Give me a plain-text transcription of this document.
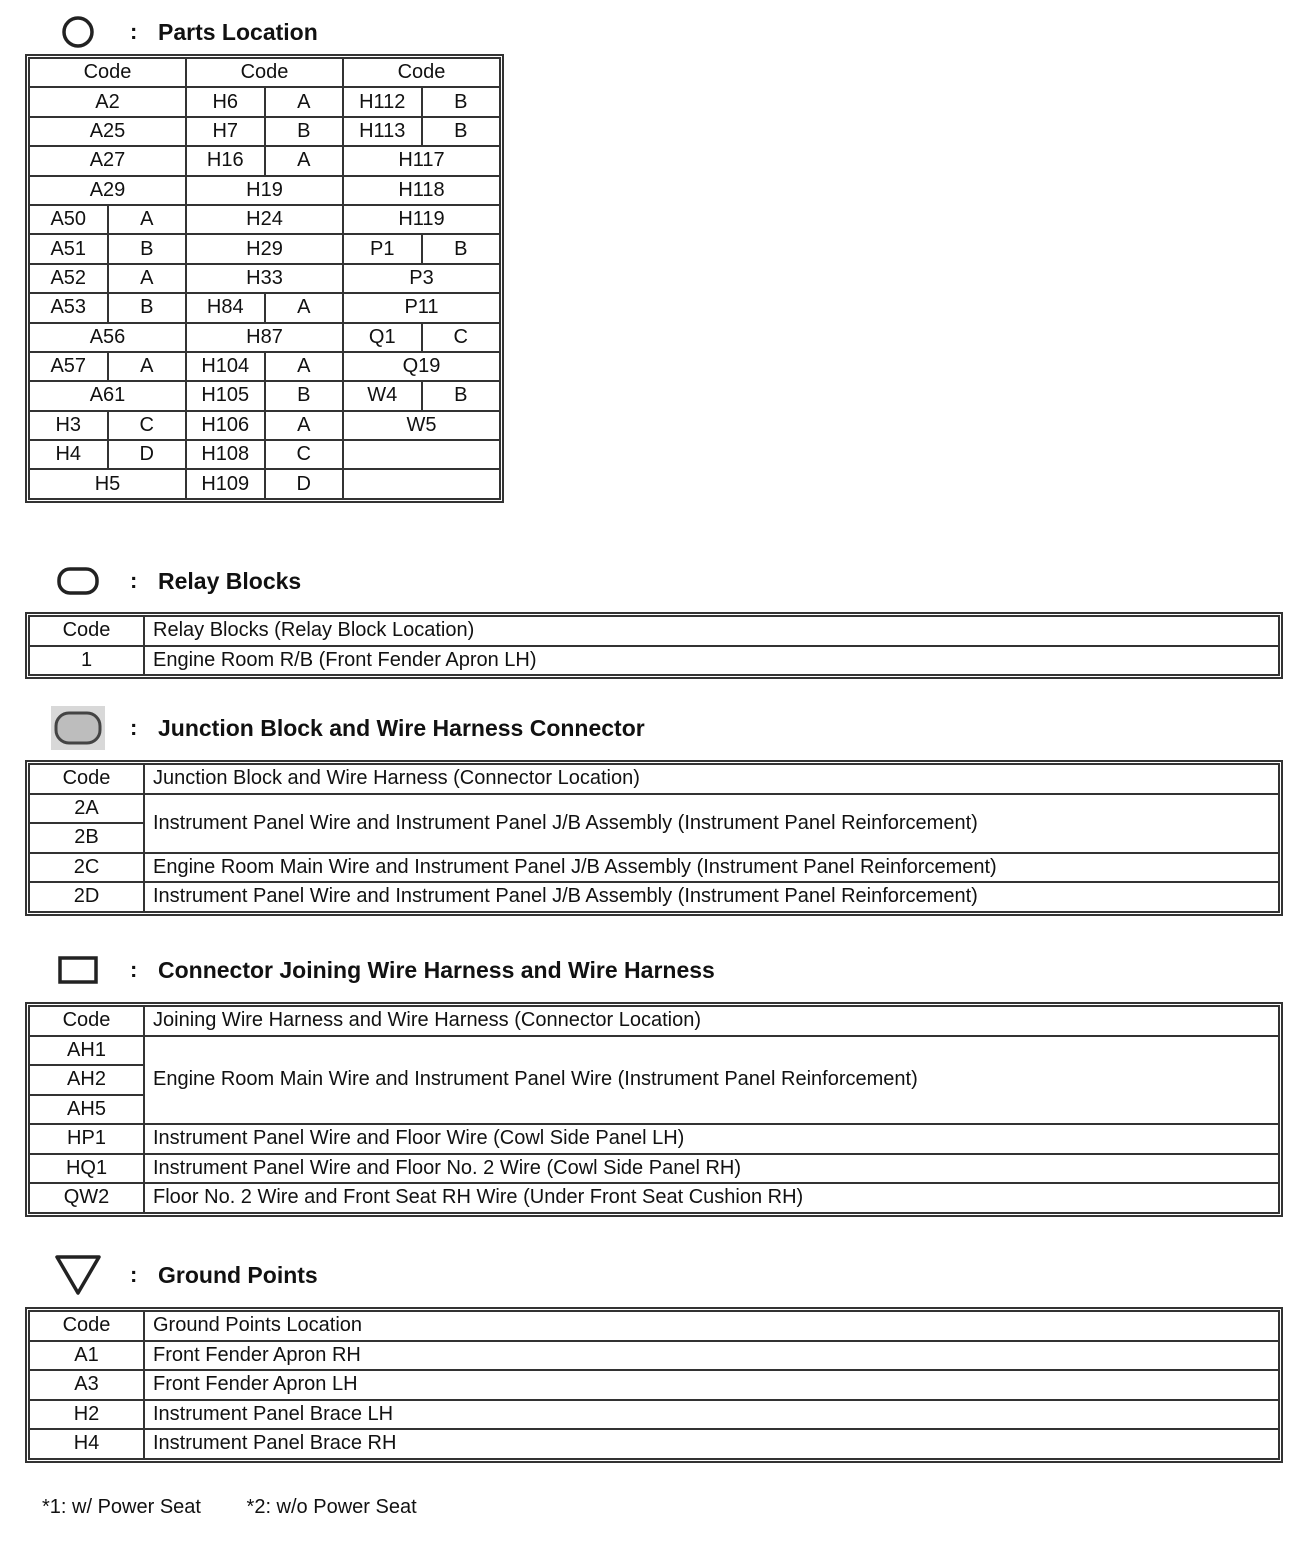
: Parts Location
Code		Code		Code	
A2		H6	A	H112	B
A25		H7	B	H113	B
A27		H16	A	H117	
A29		H19		H118	
A50	A	H24		H119	
A51	B	H29		P1	B
A52	A	H33		P3	
A53	B	H84	A	P11	
A56		H87		Q1	C
A57	A	H104	A	Q19	
A61		H105	B	W4	B
H3	C	H106	A	W5	
H4	D	H108	C		
H5		H109	D		
: Relay Blocks
Code	Relay Blocks (Relay Block Location)
1	Engine Room R/B (Front Fender Apron LH)
: Junction Block and Wire Harness Connector
Code	Junction Block and Wire Harness (Connector Location)
2A	Instrument Panel Wire and Instrument Panel J/B Assembly (Instrument Panel Reinforcement)
2B	
2C	Engine Room Main Wire and Instrument Panel J/B Assembly (Instrument Panel Reinforcement)
2D	Instrument Panel Wire and Instrument Panel J/B Assembly (Instrument Panel Reinforcement)
: Connector Joining Wire Harness and Wire Harness
Code	Joining Wire Harness and Wire Harness (Connector Location)
AH1	Engine Room Main Wire and Instrument Panel Wire (Instrument Panel Reinforcement)
AH2	
AH5	
HP1	Instrument Panel Wire and Floor Wire (Cowl Side Panel LH)
HQ1	Instrument Panel Wire and Floor No. 2 Wire (Cowl Side Panel RH)
QW2	Floor No. 2 Wire and Front Seat RH Wire (Under Front Seat Cushion RH)
: Ground Points
Code	Ground Points Location
A1	Front Fender Apron RH
A3	Front Fender Apron LH
H2	Instrument Panel Brace LH
H4	Instrument Panel Brace RH
*1: w/ Power Seat *2: w/o Power Seat
